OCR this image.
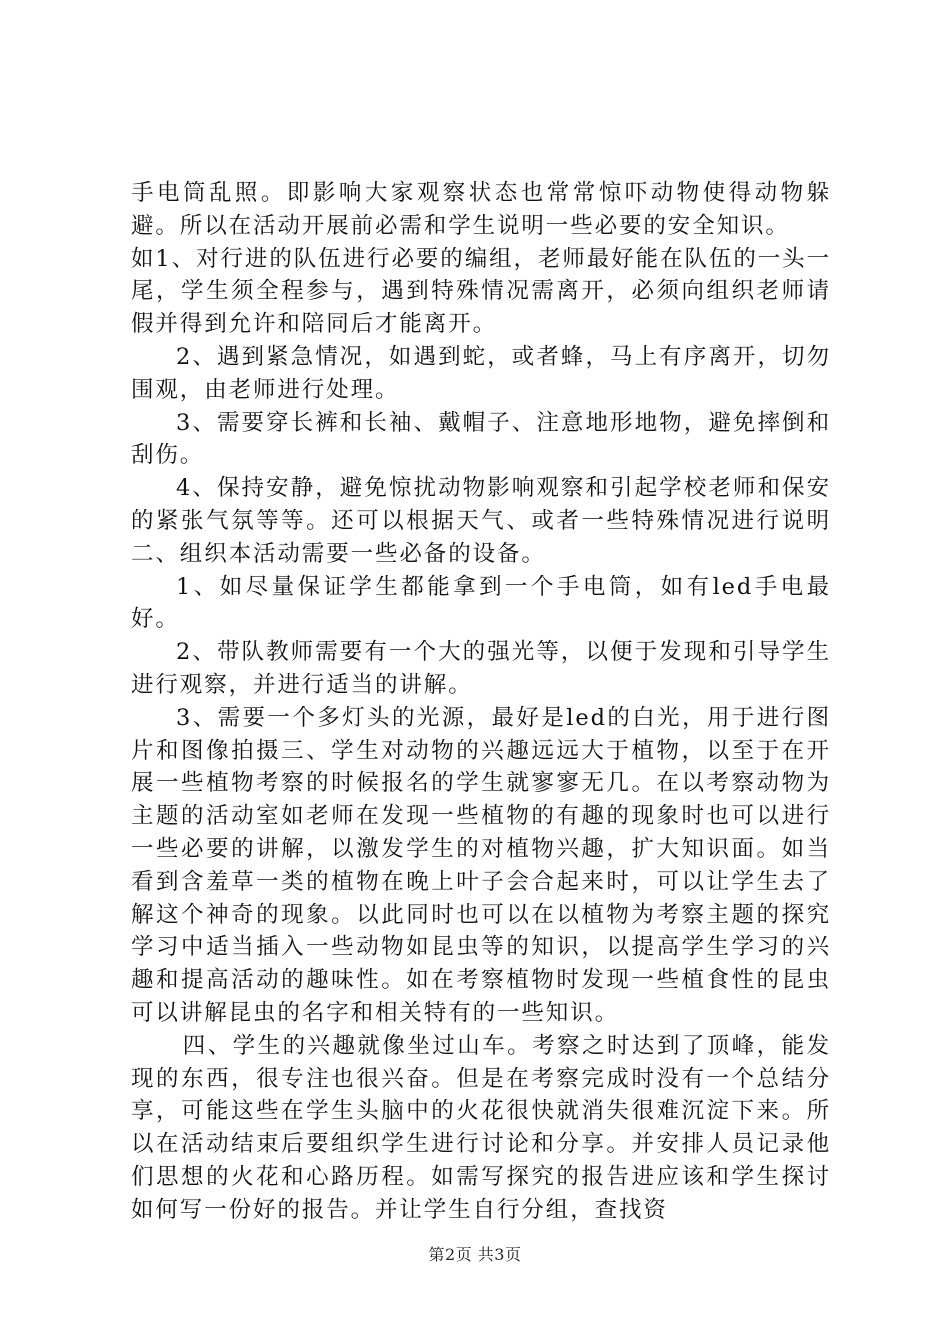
手电筒乱照。即影响大家观察状态也常常惊吓动物使得动物躲避。所以在活动开展前必需和学生说明一些必要的安全知识。

如1、对行进的队伍进行必要的编组，老师最好能在队伍的一头一尾，学生须全程参与，遇到特殊情况需离开，必须向组织老师请假并得到允许和陪同后才能离开。

2、遇到紧急情况，如遇到蛇，或者蜂，马上有序离开，切勿围观，由老师进行处理。

3、需要穿长裤和长袖、戴帽子、注意地形地物，避免摔倒和刮伤。

4、保持安静，避免惊扰动物影响观察和引起学校老师和保安的紧张气氛等等。还可以根据天气、或者一些特殊情况进行说明二、组织本活动需要一些必备的设备。

1、如尽量保证学生都能拿到一个手电筒，如有led手电最好。

2、带队教师需要有一个大的强光等，以便于发现和引导学生进行观察，并进行适当的讲解。

3、需要一个多灯头的光源，最好是led的白光，用于进行图片和图像拍摄三、学生对动物的兴趣远远大于植物，以至于在开展一些植物考察的时候报名的学生就寥寥无几。在以考察动物为主题的活动室如老师在发现一些植物的有趣的现象时也可以进行一些必要的讲解，以激发学生的对植物兴趣，扩大知识面。如当看到含羞草一类的植物在晚上叶子会合起来时，可以让学生去了解这个神奇的现象。以此同时也可以在以植物为考察主题的探究学习中适当插入一些动物如昆虫等的知识，以提高学生学习的兴趣和提高活动的趣味性。如在考察植物时发现一些植食性的昆虫可以讲解昆虫的名字和相关特有的一些知识。

四、学生的兴趣就像坐过山车。考察之时达到了顶峰，能发现的东西，很专注也很兴奋。但是在考察完成时没有一个总结分享，可能这些在学生头脑中的火花很快就消失很难沉淀下来。所以在活动结束后要组织学生进行讨论和分享。并安排人员记录他们思想的火花和心路历程。如需写探究的报告进应该和学生探讨如何写一份好的报告。并让学生自行分组，查找资

第2页 共3页
